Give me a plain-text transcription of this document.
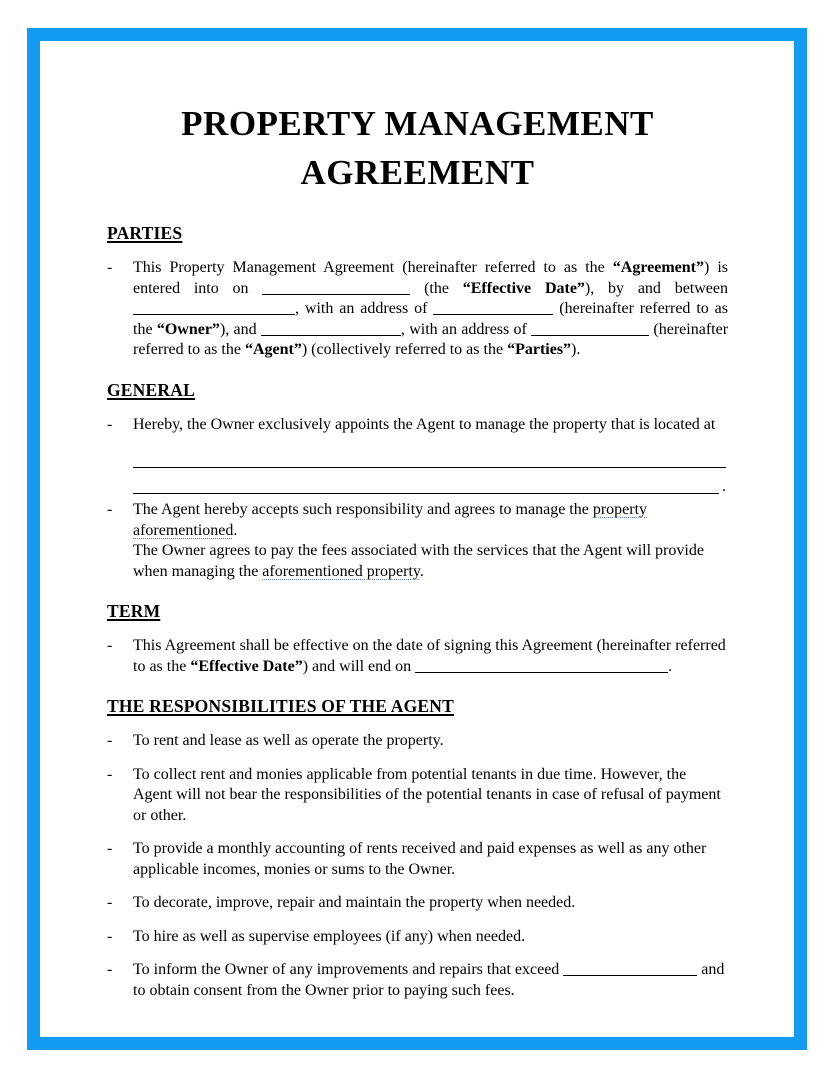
PROPERTY MANAGEMENT
AGREEMENT
PARTIES
-	This Property Management Agreement (hereinafter referred to as the “Agreement”) is entered into on	(the “Effective Date”), by and between , with an address of	(hereinafter referred to as the “Owner”), and	, with an address of	(hereinafter referred to as the “Agent”) (collectively referred to as the “Parties”).
GENERAL
-	Hereby, the Owner exclusively appoints the Agent to manage the property that is located at
.
-	The Agent hereby accepts such responsibility and agrees to manage the property aforementioned.
The Owner agrees to pay the fees associated with the services that the Agent will provide when managing the aforementioned property.
TERM
-	This Agreement shall be effective on the date of signing this Agreement (hereinafter referred to as the “Effective Date”) and will end on	.
THE RESPONSIBILITIES OF THE AGENT
-	To rent and lease as well as operate the property.
-	To collect rent and monies applicable from potential tenants in due time. However, the Agent will not bear the responsibilities of the potential tenants in case of refusal of payment or other.
-	To provide a monthly accounting of rents received and paid expenses as well as any other applicable incomes, monies or sums to the Owner.
-	To decorate, improve, repair and maintain the property when needed.
-	To hire as well as supervise employees (if any) when needed.
-	To inform the Owner of any improvements and repairs that exceed	and to obtain consent from the Owner prior to paying such fees.
